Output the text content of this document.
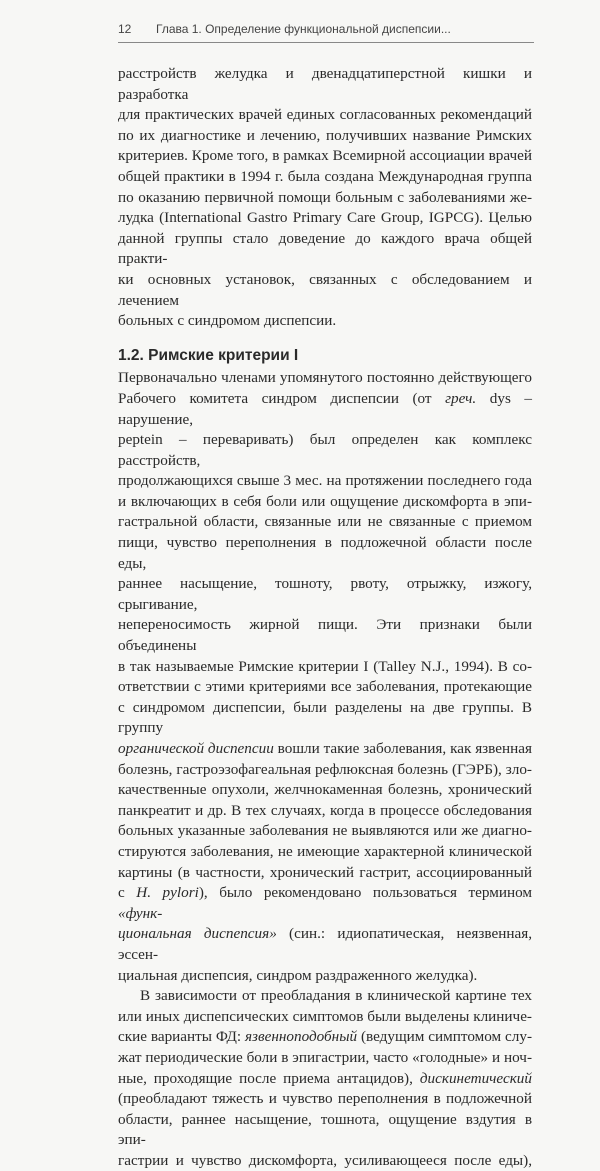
12 Глава 1. Определение функциональной диспепсии...

расстройств желудка и двенадцатиперстной кишки и разработка
для практических врачей единых согласованных рекомендаций
по их диагностике и лечению, получивших название Римских
критериев. Кроме того, в рамках Всемирной ассоциации врачей
общей практики в 1994 г. была создана Международная группа
по оказанию первичной помощи больным с заболеваниями же-
лудка (International Gastro Primary Care Group, IGPCG). Целью
данной группы стало доведение до каждого врача общей практи-
ки основных установок, связанных с обследованием и лечением
больных с синдромом диспепсии.

1.2. Римские критерии I

Первоначально членами упомянутого постоянно действующего
Рабочего комитета синдром диспепсии (от греч. dys – нарушение,
peptein – переваривать) был определен как комплекс расстройств,
продолжающихся свыше 3 мес. на протяжении последнего года
и включающих в себя боли или ощущение дискомфорта в эпи-
гастральной области, связанные или не связанные с приемом
пищи, чувство переполнения в подложечной области после еды,
раннее насыщение, тошноту, рвоту, отрыжку, изжогу, срыгивание,
непереносимость жирной пищи. Эти признаки были объединены
в так называемые Римские критерии I (Talley N.J., 1994). В со-
ответствии с этими критериями все заболевания, протекающие
с синдромом диспепсии, были разделены на две группы. В группу
органической диспепсии вошли такие заболевания, как язвенная
болезнь, гастроэзофагеальная рефлюксная болезнь (ГЭРБ), зло-
качественные опухоли, желчнокаменная болезнь, хронический
панкреатит и др. В тех случаях, когда в процессе обследования
больных указанные заболевания не выявляются или же диагно-
стируются заболевания, не имеющие характерной клинической
картины (в частности, хронический гастрит, ассоциированный
с H. pylori), было рекомендовано пользоваться термином «функ-
циональная диспепсия» (син.: идиопатическая, неязвенная, эссен-
циальная диспепсия, синдром раздраженного желудка).

В зависимости от преобладания в клинической картине тех
или иных диспепсических симптомов были выделены клиниче-
ские варианты ФД: язвенноподобный (ведущим симптомом слу-
жат периодические боли в эпигастрии, часто «голодные» и ноч-
ные, проходящие после приема антацидов), дискинетический
(преобладают тяжесть и чувство переполнения в подложечной
области, раннее насыщение, тошнота, ощущение вздутия в эпи-
гастрии и чувство дискомфорта, усиливающееся после еды),
